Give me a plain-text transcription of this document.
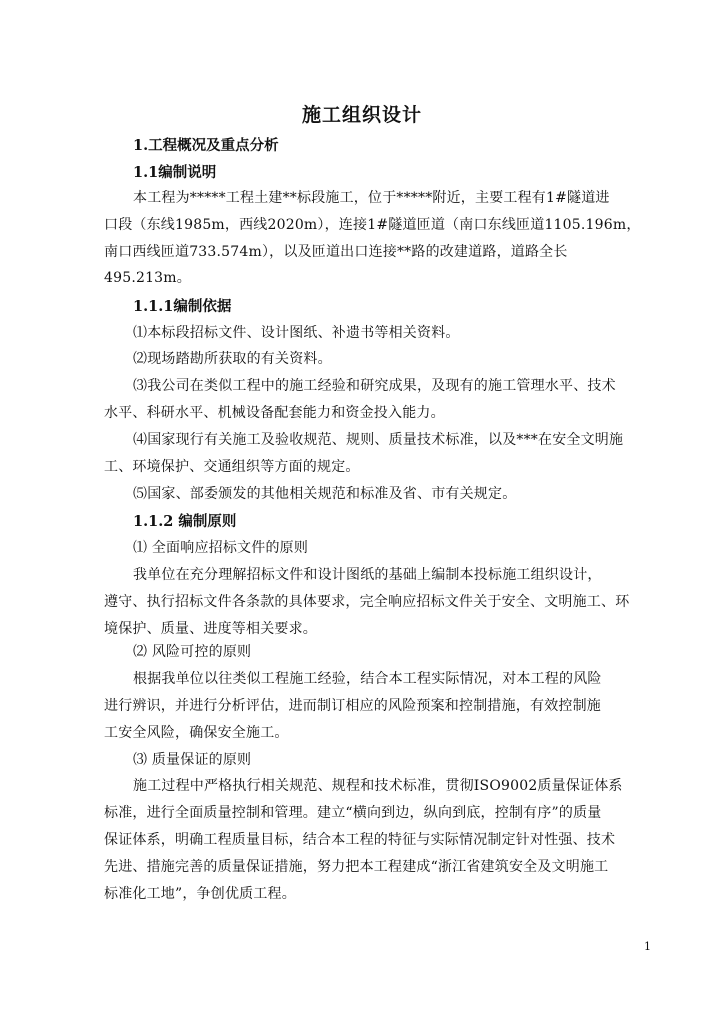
施工组织设计
1.工程概况及重点分析
1.1编制说明
本工程为*****工程土建**标段施工，位于*****附近，主要工程有1#隧道进
口段（东线1985m，西线2020m），连接1#隧道匝道（南口东线匝道1105.196m，
南口西线匝道733.574m），以及匝道出口连接**路的改建道路，道路全长
495.213m。
1.1.1编制依据
⑴本标段招标文件、设计图纸、补遗书等相关资料。
⑵现场踏勘所获取的有关资料。
⑶我公司在类似工程中的施工经验和研究成果，及现有的施工管理水平、技术
水平、科研水平、机械设备配套能力和资金投入能力。
⑷国家现行有关施工及验收规范、规则、质量技术标准，以及***在安全文明施
工、环境保护、交通组织等方面的规定。
⑸国家、部委颁发的其他相关规范和标准及省、市有关规定。
1.1.2 编制原则
⑴ 全面响应招标文件的原则
我单位在充分理解招标文件和设计图纸的基础上编制本投标施工组织设计，
遵守、执行招标文件各条款的具体要求，完全响应招标文件关于安全、文明施工、环
境保护、质量、进度等相关要求。
⑵ 风险可控的原则
根据我单位以往类似工程施工经验，结合本工程实际情况，对本工程的风险
进行辨识，并进行分析评估，进而制订相应的风险预案和控制措施，有效控制施
工安全风险，确保安全施工。
⑶ 质量保证的原则
施工过程中严格执行相关规范、规程和技术标准，贯彻ISO9002质量保证体系
标准，进行全面质量控制和管理。建立“横向到边，纵向到底，控制有序”的质量
保证体系，明确工程质量目标，结合本工程的特征与实际情况制定针对性强、技术
先进、措施完善的质量保证措施，努力把本工程建成“浙江省建筑安全及文明施工
标准化工地”，争创优质工程。
1
